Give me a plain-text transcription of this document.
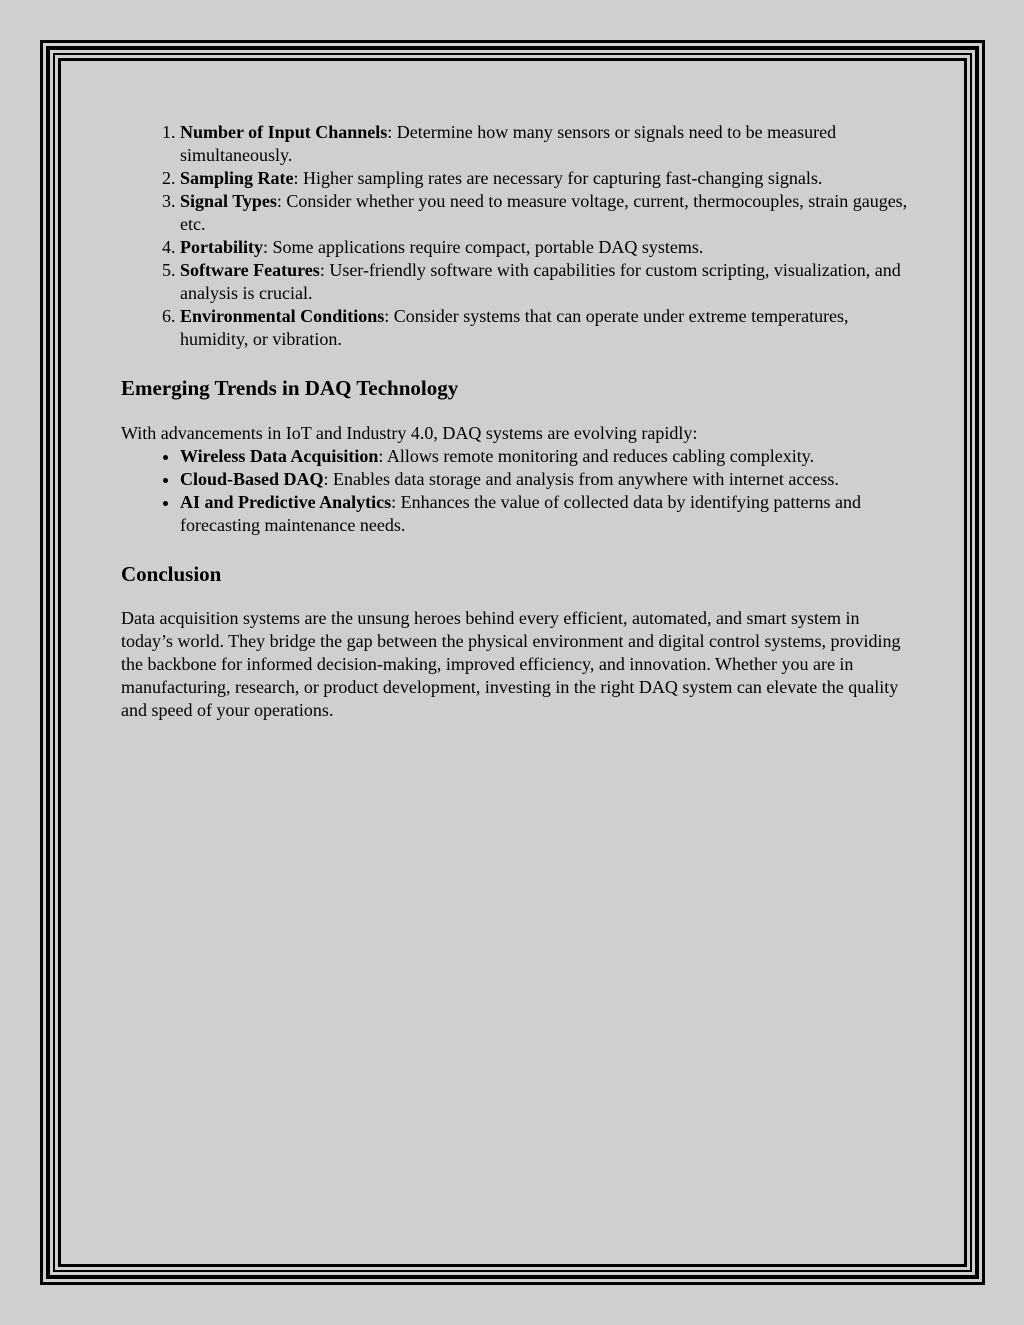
1. Number of Input Channels: Determine how many sensors or signals need to be measured simultaneously.
2. Sampling Rate: Higher sampling rates are necessary for capturing fast-changing signals.
3. Signal Types: Consider whether you need to measure voltage, current, thermocouples, strain gauges, etc.
4. Portability: Some applications require compact, portable DAQ systems.
5. Software Features: User-friendly software with capabilities for custom scripting, visualization, and analysis is crucial.
6. Environmental Conditions: Consider systems that can operate under extreme temperatures, humidity, or vibration.
Emerging Trends in DAQ Technology

With advancements in IoT and Industry 4.0, DAQ systems are evolving rapidly:

• Wireless Data Acquisition: Allows remote monitoring and reduces cabling complexity.
• Cloud-Based DAQ: Enables data storage and analysis from anywhere with internet access.
• AI and Predictive Analytics: Enhances the value of collected data by identifying patterns and forecasting maintenance needs.
Conclusion

Data acquisition systems are the unsung heroes behind every efficient, automated, and smart system in today’s world. They bridge the gap between the physical environment and digital control systems, providing the backbone for informed decision-making, improved efficiency, and innovation. Whether you are in manufacturing, research, or product development, investing in the right DAQ system can elevate the quality and speed of your operations.
